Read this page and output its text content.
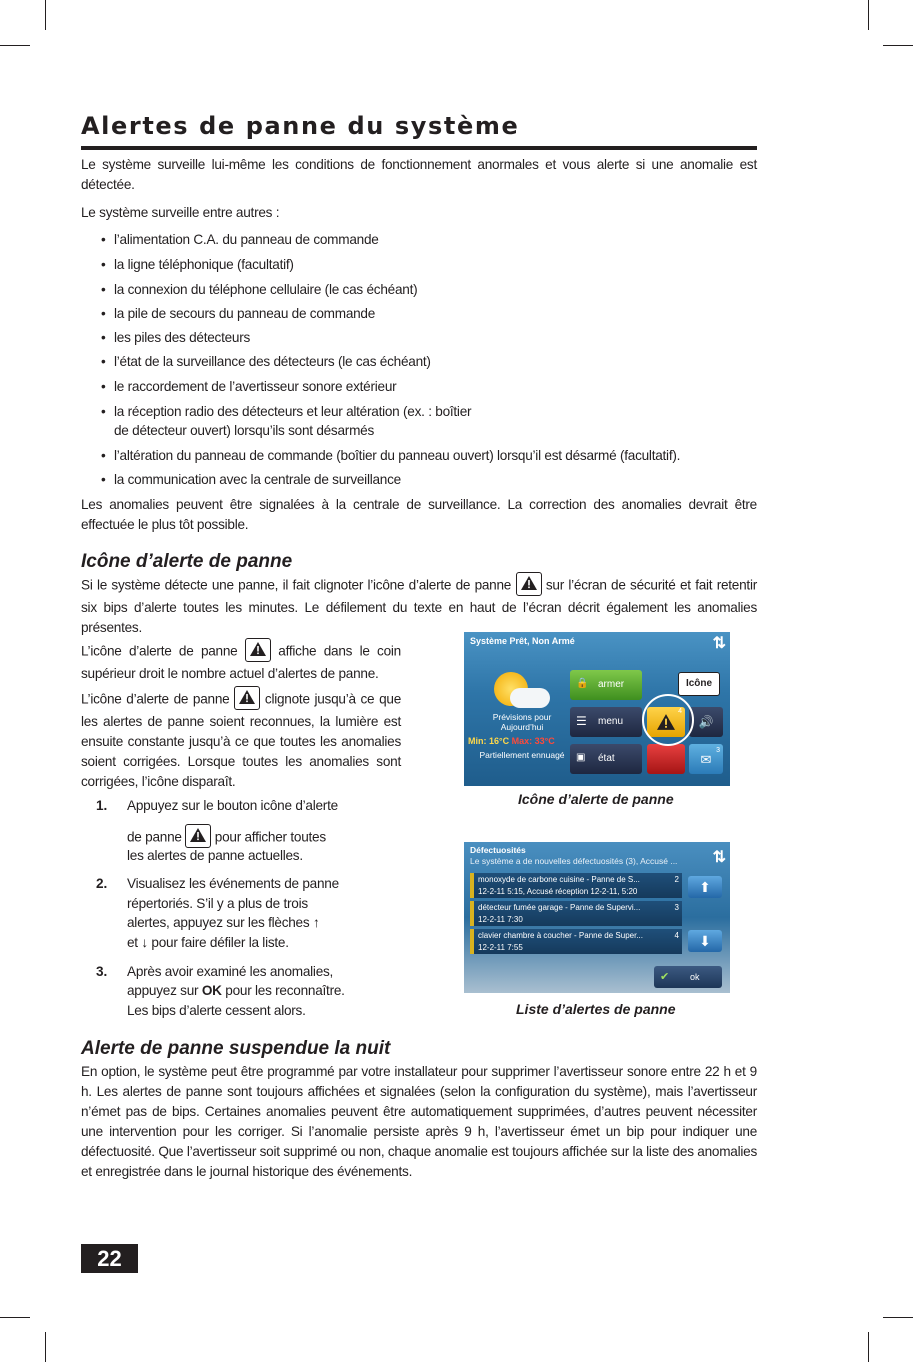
Alertes de panne du système
Le système surveille lui-même les conditions de fonctionnement anormales et vous alerte si une anomalie est détectée.
Le système surveille entre autres :
• l’alimentation C.A. du panneau de commande
• la ligne téléphonique (facultatif)
• la connexion du téléphone cellulaire (le cas échéant)
• la pile de secours du panneau de commande
• les piles des détecteurs
• l’état de la surveillance des détecteurs (le cas échéant)
• le raccordement de l’avertisseur sonore extérieur
• la réception radio des détecteurs et leur altération (ex. : boîtier
de détecteur ouvert) lorsqu’ils sont désarmés
• l’altération du panneau de commande (boîtier du panneau ouvert) lorsqu’il est désarmé (facultatif).
• la communication avec la centrale de surveillance
Les anomalies peuvent être signalées à la centrale de surveillance. La correction des anomalies devrait être effectuée le plus tôt possible.
Icône d’alerte de panne
Si le système détecte une panne, il fait clignoter l’icône d’alerte de panne	sur l’écran de sécurité et fait retentir six bips d’alerte toutes les minutes. Le défilement du texte en haut de l’écran décrit également les anomalies présentes.
L’icône d’alerte de panne	affiche dans le coin supérieur droit le nombre actuel d’alertes de panne.
L’icône d’alerte de panne	clignote jusqu’à ce que les alertes de panne soient reconnues, la lumière est ensuite constante jusqu’à ce que toutes les anomalies soient corrigées. Lorsque toutes les anomalies sont corrigées, l’icône disparaît.
1. Appuyez sur le bouton icône d’alerte
de panne pour afficher toutes
les alertes de panne actuelles.
2. Visualisez les événements de panne
répertoriés. S’il y a plus de trois
alertes, appuyez sur les flèches ↑
et ↓ pour faire défiler la liste.
3. Après avoir examiné les anomalies,
appuyez sur OK pour les reconnaître.
Les bips d’alerte cessent alors.
Système Prêt, Non Armé	⇅
Prévisions pour Aujourd’hui
Min: 16°C Max: 33°C
Partiellement ennuagé
🔒 armer
☰ menu
▣ état
4
🔊
✉
3
Icône
Icône d’alerte de panne
Défectuosités
Le système a de nouvelles défectuosités (3), Accusé ... ⇅
monoxyde de carbone cuisine - Panne de S...
12-2-11 5:15, Accusé réception 12-2-11, 5:20
2
détecteur fumée garage - Panne de Supervi...
12-2-11 7:30
3
clavier chambre à coucher - Panne de Super...
12-2-11 7:55
4
⬆
⬇
✔ ok
Liste d’alertes de panne
Alerte de panne suspendue la nuit
En option, le système peut être programmé par votre installateur pour supprimer l’avertisseur sonore entre 22 h et 9 h. Les alertes de panne sont toujours affichées et signalées (selon la configuration du système), mais l’avertisseur n’émet pas de bips. Certaines anomalies peuvent être automatiquement supprimées, d’autres peuvent nécessiter une intervention pour les corriger. Si l’anomalie persiste après 9 h, l’avertisseur émet un bip pour indiquer une défectuosité. Que l’avertisseur soit supprimé ou non, chaque anomalie est toujours affichée sur la liste des anomalies et enregistrée dans le journal historique des événements.
22
